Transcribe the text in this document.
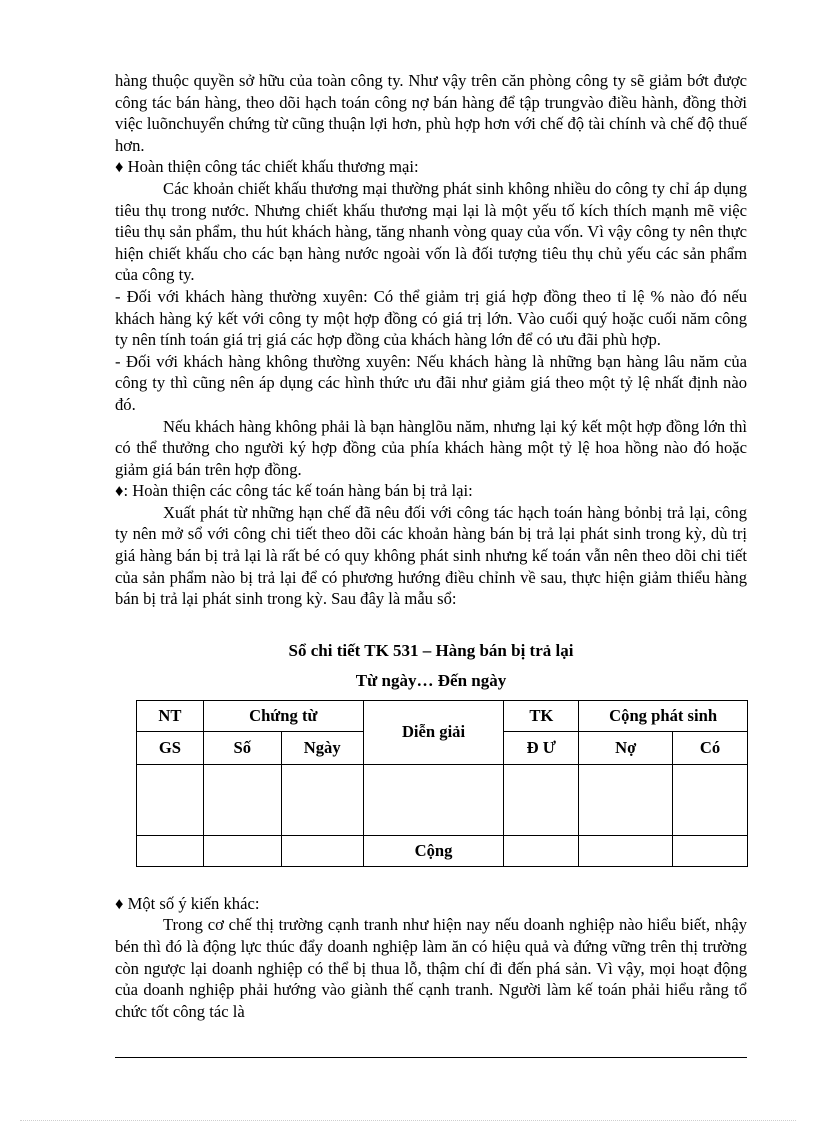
hàng thuộc quyền sở hữu của toàn công ty. Như vậy trên căn phòng công ty sẽ giảm bớt được công tác bán hàng, theo dõi hạch toán công nợ bán hàng để tập trungvào điều hành, đồng thời việc luõnchuyển chứng từ cũng thuận lợi hơn, phù hợp hơn với chế độ tài chính và chế độ thuế hơn.

♦ Hoàn thiện công tác chiết khấu thương mại:

Các khoản chiết khấu thương mại thường phát sinh không nhiều do công ty chỉ áp dụng tiêu thụ trong nước. Nhưng chiết khấu thương mại lại là một yếu tố kích thích mạnh mẽ việc tiêu thụ sản phẩm, thu hút khách hàng, tăng nhanh vòng quay của vốn. Vì vậy công ty nên thực hiện chiết khấu cho các bạn hàng nước ngoài vốn là đối tượng tiêu thụ chủ yếu các sản phẩm của công ty.

- Đối với khách hàng thường xuyên: Có thể giảm trị giá hợp đồng theo tỉ lệ % nào đó nếu khách hàng ký kết với công ty một hợp đồng có giá trị lớn. Vào cuối quý hoặc cuối năm công ty nên tính toán giá trị giá các hợp đồng của khách hàng lớn để có ưu đãi phù hợp.

- Đối với khách hàng không thường xuyên: Nếu khách hàng là những bạn hàng lâu năm của công ty thì cũng nên áp dụng các hình thức ưu đãi như giảm giá theo một tỷ lệ nhất định nào đó.

Nếu khách hàng không phải là bạn hànglõu năm, nhưng lại ký kết một hợp đồng lớn thì có thể thưởng cho người ký hợp đồng của phía khách hàng một tỷ lệ hoa hồng nào đó hoặc giảm giá bán trên hợp đồng.

♦: Hoàn thiện các công tác kế toán hàng bán bị trả lại:

Xuất phát từ những hạn chế đã nêu đối với công tác hạch toán hàng bỏnbị trả lại, công ty nên mở sổ với công chi tiết theo dõi các khoản hàng bán bị trả lại phát sinh trong kỳ, dù trị giá hàng bán bị trả lại là rất bé có quy không phát sinh nhưng kế toán vẫn nên theo dõi chi tiết của sản phẩm nào bị trả lại để có phương hướng điều chỉnh về sau, thực hiện giảm thiểu hàng bán bị trả lại phát sinh trong kỳ. Sau đây là mẫu sổ:

Sổ chi tiết TK 531 – Hàng bán bị trả lại
Từ ngày… Đến ngày
NT	Chứng từ		Diễn giải	TK	Cộng phát sinh	
GS	Số	Ngày		Đ Ư	Nợ	Có

			Cộng			

♦ Một số ý kiến khác:

Trong cơ chế thị trường cạnh tranh như hiện nay nếu doanh nghiệp nào hiểu biết, nhậy bén thì đó là động lực thúc đẩy doanh nghiệp làm ăn có hiệu quả và đứng vững trên thị trường còn ngược lại doanh nghiệp có thể bị thua lỗ, thậm chí đi đến phá sản. Vì vậy, mọi hoạt động của doanh nghiệp phải hướng vào giành thế cạnh tranh. Người làm kế toán phải hiểu rằng tổ chức tốt công tác là
